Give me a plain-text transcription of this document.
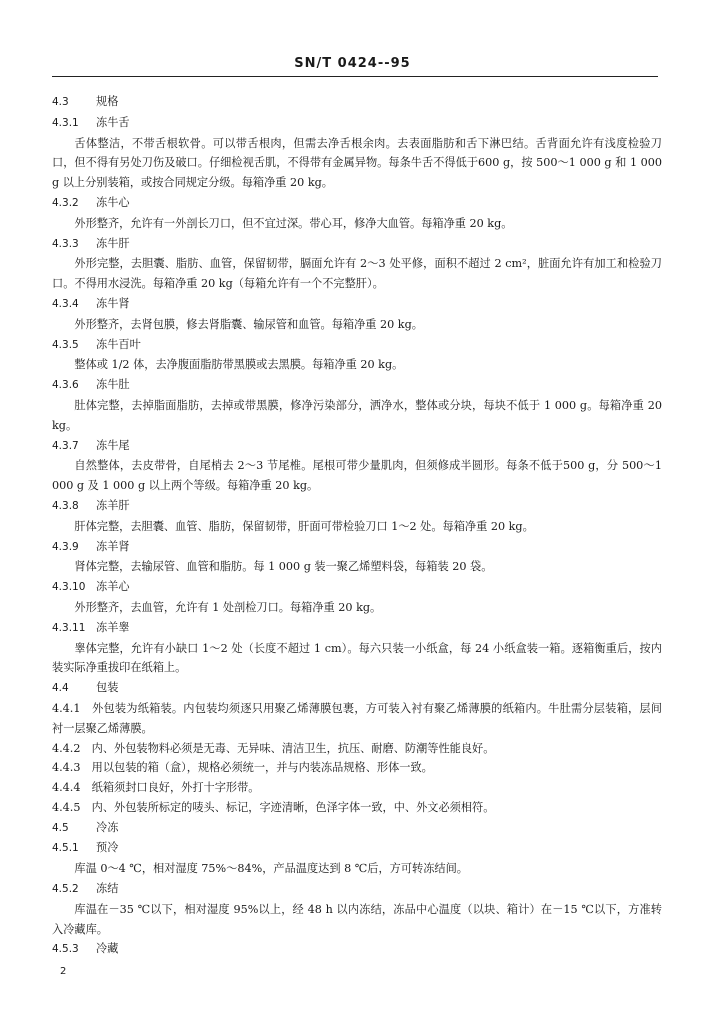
SN/T 0424--95
4.3 规格
4.3.1 冻牛舌
舌体整洁，不带舌根软骨。可以带舌根肉，但需去净舌根余肉。去表面脂肪和舌下淋巴结。舌背面允许有浅度检验刀口，但不得有另处刀伤及破口。仔细检视舌肌，不得带有金属异物。每条牛舌不得低于600 g，按 500～1 000 g 和 1 000 g 以上分别装箱，或按合同规定分级。每箱净重 20 kg。
4.3.2 冻牛心
外形整齐，允许有一外剖长刀口，但不宜过深。带心耳，修净大血管。每箱净重 20 kg。
4.3.3 冻牛肝
外形完整，去胆囊、脂肪、血管，保留韧带，膈面允许有 2～3 处平修，面积不超过 2 cm²，脏面允许有加工和检验刀口。不得用水浸洗。每箱净重 20 kg（每箱允许有一个不完整肝）。
4.3.4 冻牛肾
外形整齐，去肾包膜，修去肾脂囊、输尿管和血管。每箱净重 20 kg。
4.3.5 冻牛百叶
整体或 1/2 体，去净腹面脂肪带黑膜或去黑膜。每箱净重 20 kg。
4.3.6 冻牛肚
肚体完整，去掉脂面脂肪，去掉或带黑膜，修净污染部分，洒净水，整体或分块，每块不低于 1 000 g。每箱净重 20 kg。
4.3.7 冻牛尾
自然整体，去皮带骨，自尾梢去 2～3 节尾椎。尾根可带少量肌肉，但须修成半圆形。每条不低于500 g，分 500～1 000 g 及 1 000 g 以上两个等级。每箱净重 20 kg。
4.3.8 冻羊肝
肝体完整，去胆囊、血管、脂肪，保留韧带，肝面可带检验刀口 1～2 处。每箱净重 20 kg。
4.3.9 冻羊肾
肾体完整，去输尿管、血管和脂肪。每 1 000 g 装一聚乙烯塑料袋，每箱装 20 袋。
4.3.10 冻羊心
外形整齐，去血管，允许有 1 处剖检刀口。每箱净重 20 kg。
4.3.11 冻羊睾
睾体完整，允许有小缺口 1～2 处（长度不超过 1 cm）。每六只装一小纸盒，每 24 小纸盒装一箱。逐箱衡重后，按内装实际净重拔印在纸箱上。
4.4 包装
4.4.1　外包装为纸箱装。内包装均须逐只用聚乙烯薄膜包裹，方可装入衬有聚乙烯薄膜的纸箱内。牛肚需分层装箱，层间衬一层聚乙烯薄膜。
4.4.2　内、外包装物料必须是无毒、无异味、清洁卫生，抗压、耐磨、防潮等性能良好。
4.4.3　用以包装的箱（盒），规格必须统一，并与内装冻品规格、形体一致。
4.4.4　纸箱须封口良好，外打十字形带。
4.4.5　内、外包装所标定的唛头、标记，字迹清晰，色泽字体一致，中、外文必须相符。
4.5 冷冻
4.5.1 预冷
库温 0～4 ℃，相对湿度 75%～84%，产品温度达到 8 ℃后，方可转冻结间。
4.5.2 冻结
库温在－35 ℃以下，相对湿度 95%以上，经 48 h 以内冻结，冻品中心温度（以块、箱计）在－15 ℃以下，方准转入冷藏库。
4.5.3 冷藏
2
